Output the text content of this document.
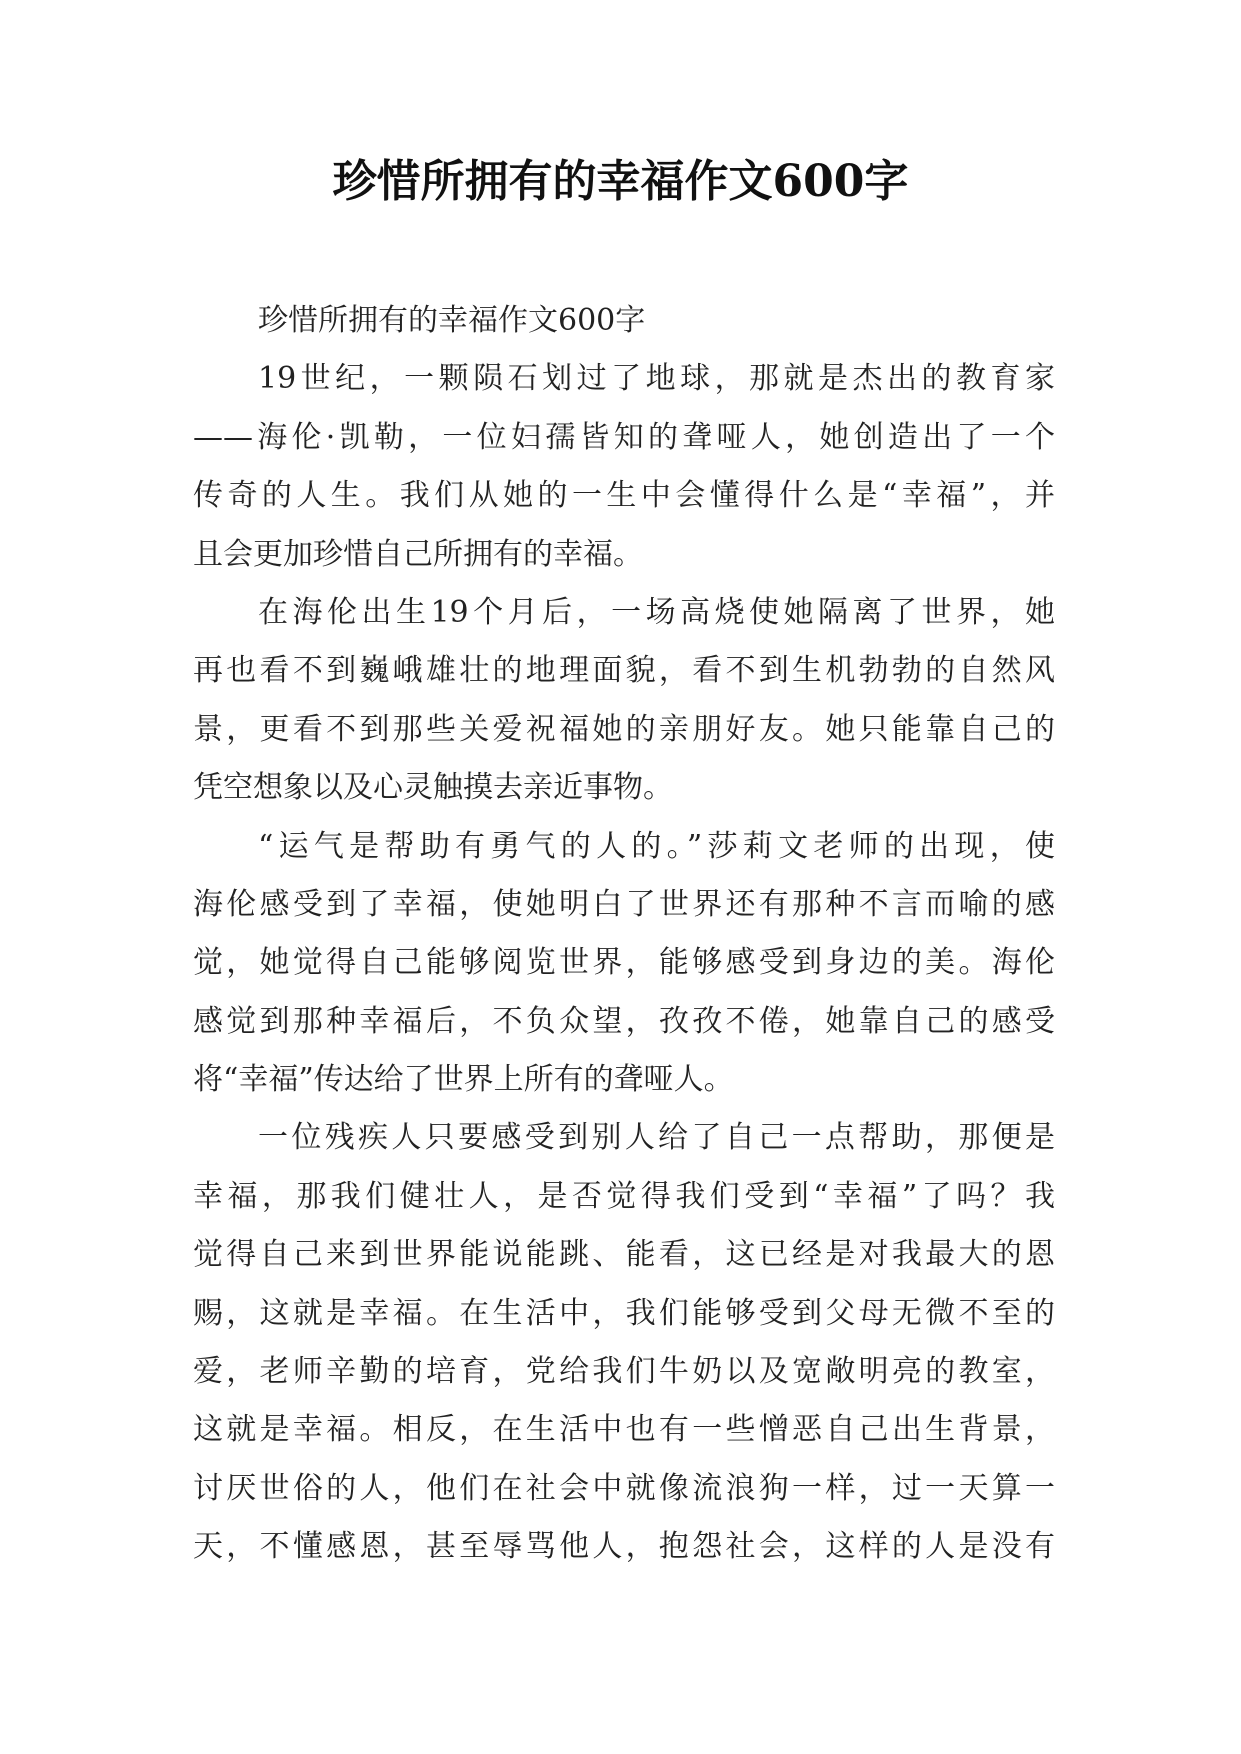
珍惜所拥有的幸福作文600字
珍惜所拥有的幸福作文600字
19世纪，一颗陨石划过了地球，那就是杰出的教育家
——海伦·凯勒，一位妇孺皆知的聋哑人，她创造出了一个
传奇的人生。我们从她的一生中会懂得什么是“幸福”，并
且会更加珍惜自己所拥有的幸福。
在海伦出生19个月后，一场高烧使她隔离了世界，她
再也看不到巍峨雄壮的地理面貌，看不到生机勃勃的自然风
景，更看不到那些关爱祝福她的亲朋好友。她只能靠自己的
凭空想象以及心灵触摸去亲近事物。
“运气是帮助有勇气的人的。”莎莉文老师的出现，使
海伦感受到了幸福，使她明白了世界还有那种不言而喻的感
觉，她觉得自己能够阅览世界，能够感受到身边的美。海伦
感觉到那种幸福后，不负众望，孜孜不倦，她靠自己的感受
将“幸福”传达给了世界上所有的聋哑人。
一位残疾人只要感受到别人给了自己一点帮助，那便是
幸福，那我们健壮人，是否觉得我们受到“幸福”了吗？我
觉得自己来到世界能说能跳、能看，这已经是对我最大的恩
赐，这就是幸福。在生活中，我们能够受到父母无微不至的
爱，老师辛勤的培育，党给我们牛奶以及宽敞明亮的教室，
这就是幸福。相反，在生活中也有一些憎恶自己出生背景，
讨厌世俗的人，他们在社会中就像流浪狗一样，过一天算一
天，不懂感恩，甚至辱骂他人，抱怨社会，这样的人是没有
